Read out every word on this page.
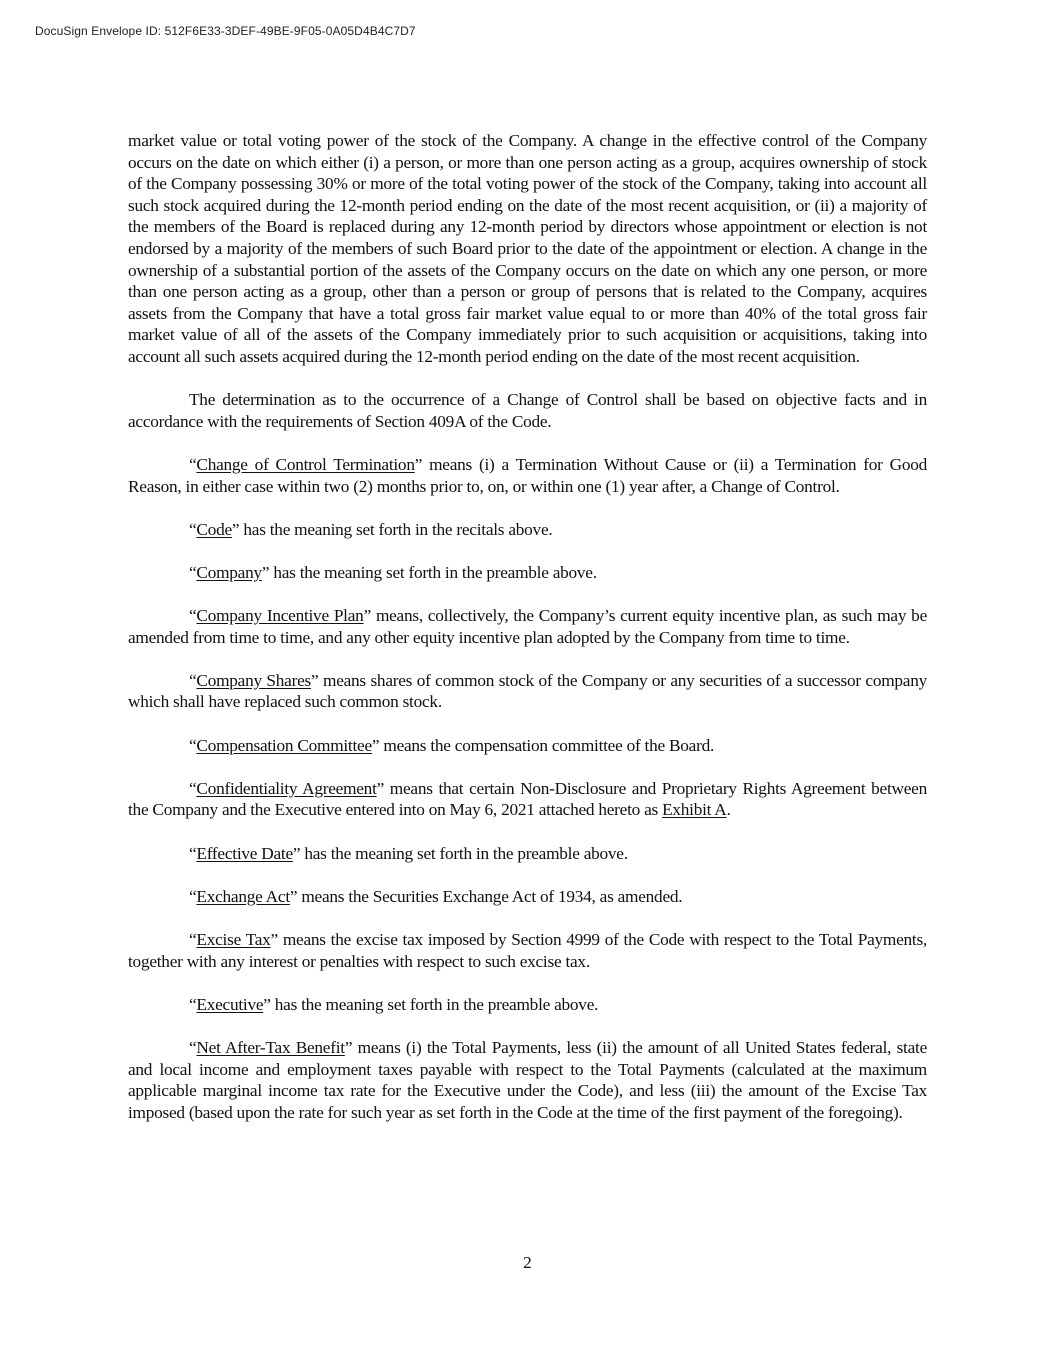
DocuSign Envelope ID: 512F6E33-3DEF-49BE-9F05-0A05D4B4C7D7

market value or total voting power of the stock of the Company. A change in the effective control of the Company occurs on the date on which either (i) a person, or more than one person acting as a group, acquires ownership of stock of the Company possessing 30% or more of the total voting power of the stock of the Company, taking into account all such stock acquired during the 12-month period ending on the date of the most recent acquisition, or (ii) a majority of the members of the Board is replaced during any 12-month period by directors whose appointment or election is not endorsed by a majority of the members of such Board prior to the date of the appointment or election. A change in the ownership of a substantial portion of the assets of the Company occurs on the date on which any one person, or more than one person acting as a group, other than a person or group of persons that is related to the Company, acquires assets from the Company that have a total gross fair market value equal to or more than 40% of the total gross fair market value of all of the assets of the Company immediately prior to such acquisition or acquisitions, taking into account all such assets acquired during the 12-month period ending on the date of the most recent acquisition.

The determination as to the occurrence of a Change of Control shall be based on objective facts and in accordance with the requirements of Section 409A of the Code.

“Change of Control Termination” means (i) a Termination Without Cause or (ii) a Termination for Good Reason, in either case within two (2) months prior to, on, or within one (1) year after, a Change of Control.

“Code” has the meaning set forth in the recitals above.

“Company” has the meaning set forth in the preamble above.

“Company Incentive Plan” means, collectively, the Company’s current equity incentive plan, as such may be amended from time to time, and any other equity incentive plan adopted by the Company from time to time.

“Company Shares” means shares of common stock of the Company or any securities of a successor company which shall have replaced such common stock.

“Compensation Committee” means the compensation committee of the Board.

“Confidentiality Agreement” means that certain Non-Disclosure and Proprietary Rights Agreement between the Company and the Executive entered into on May 6, 2021 attached hereto as Exhibit A.

“Effective Date” has the meaning set forth in the preamble above.

“Exchange Act” means the Securities Exchange Act of 1934, as amended.

“Excise Tax” means the excise tax imposed by Section 4999 of the Code with respect to the Total Payments, together with any interest or penalties with respect to such excise tax.

“Executive” has the meaning set forth in the preamble above.

“Net After-Tax Benefit” means (i) the Total Payments, less (ii) the amount of all United States federal, state and local income and employment taxes payable with respect to the Total Payments (calculated at the maximum applicable marginal income tax rate for the Executive under the Code), and less (iii) the amount of the Excise Tax imposed (based upon the rate for such year as set forth in the Code at the time of the first payment of the foregoing).

2
